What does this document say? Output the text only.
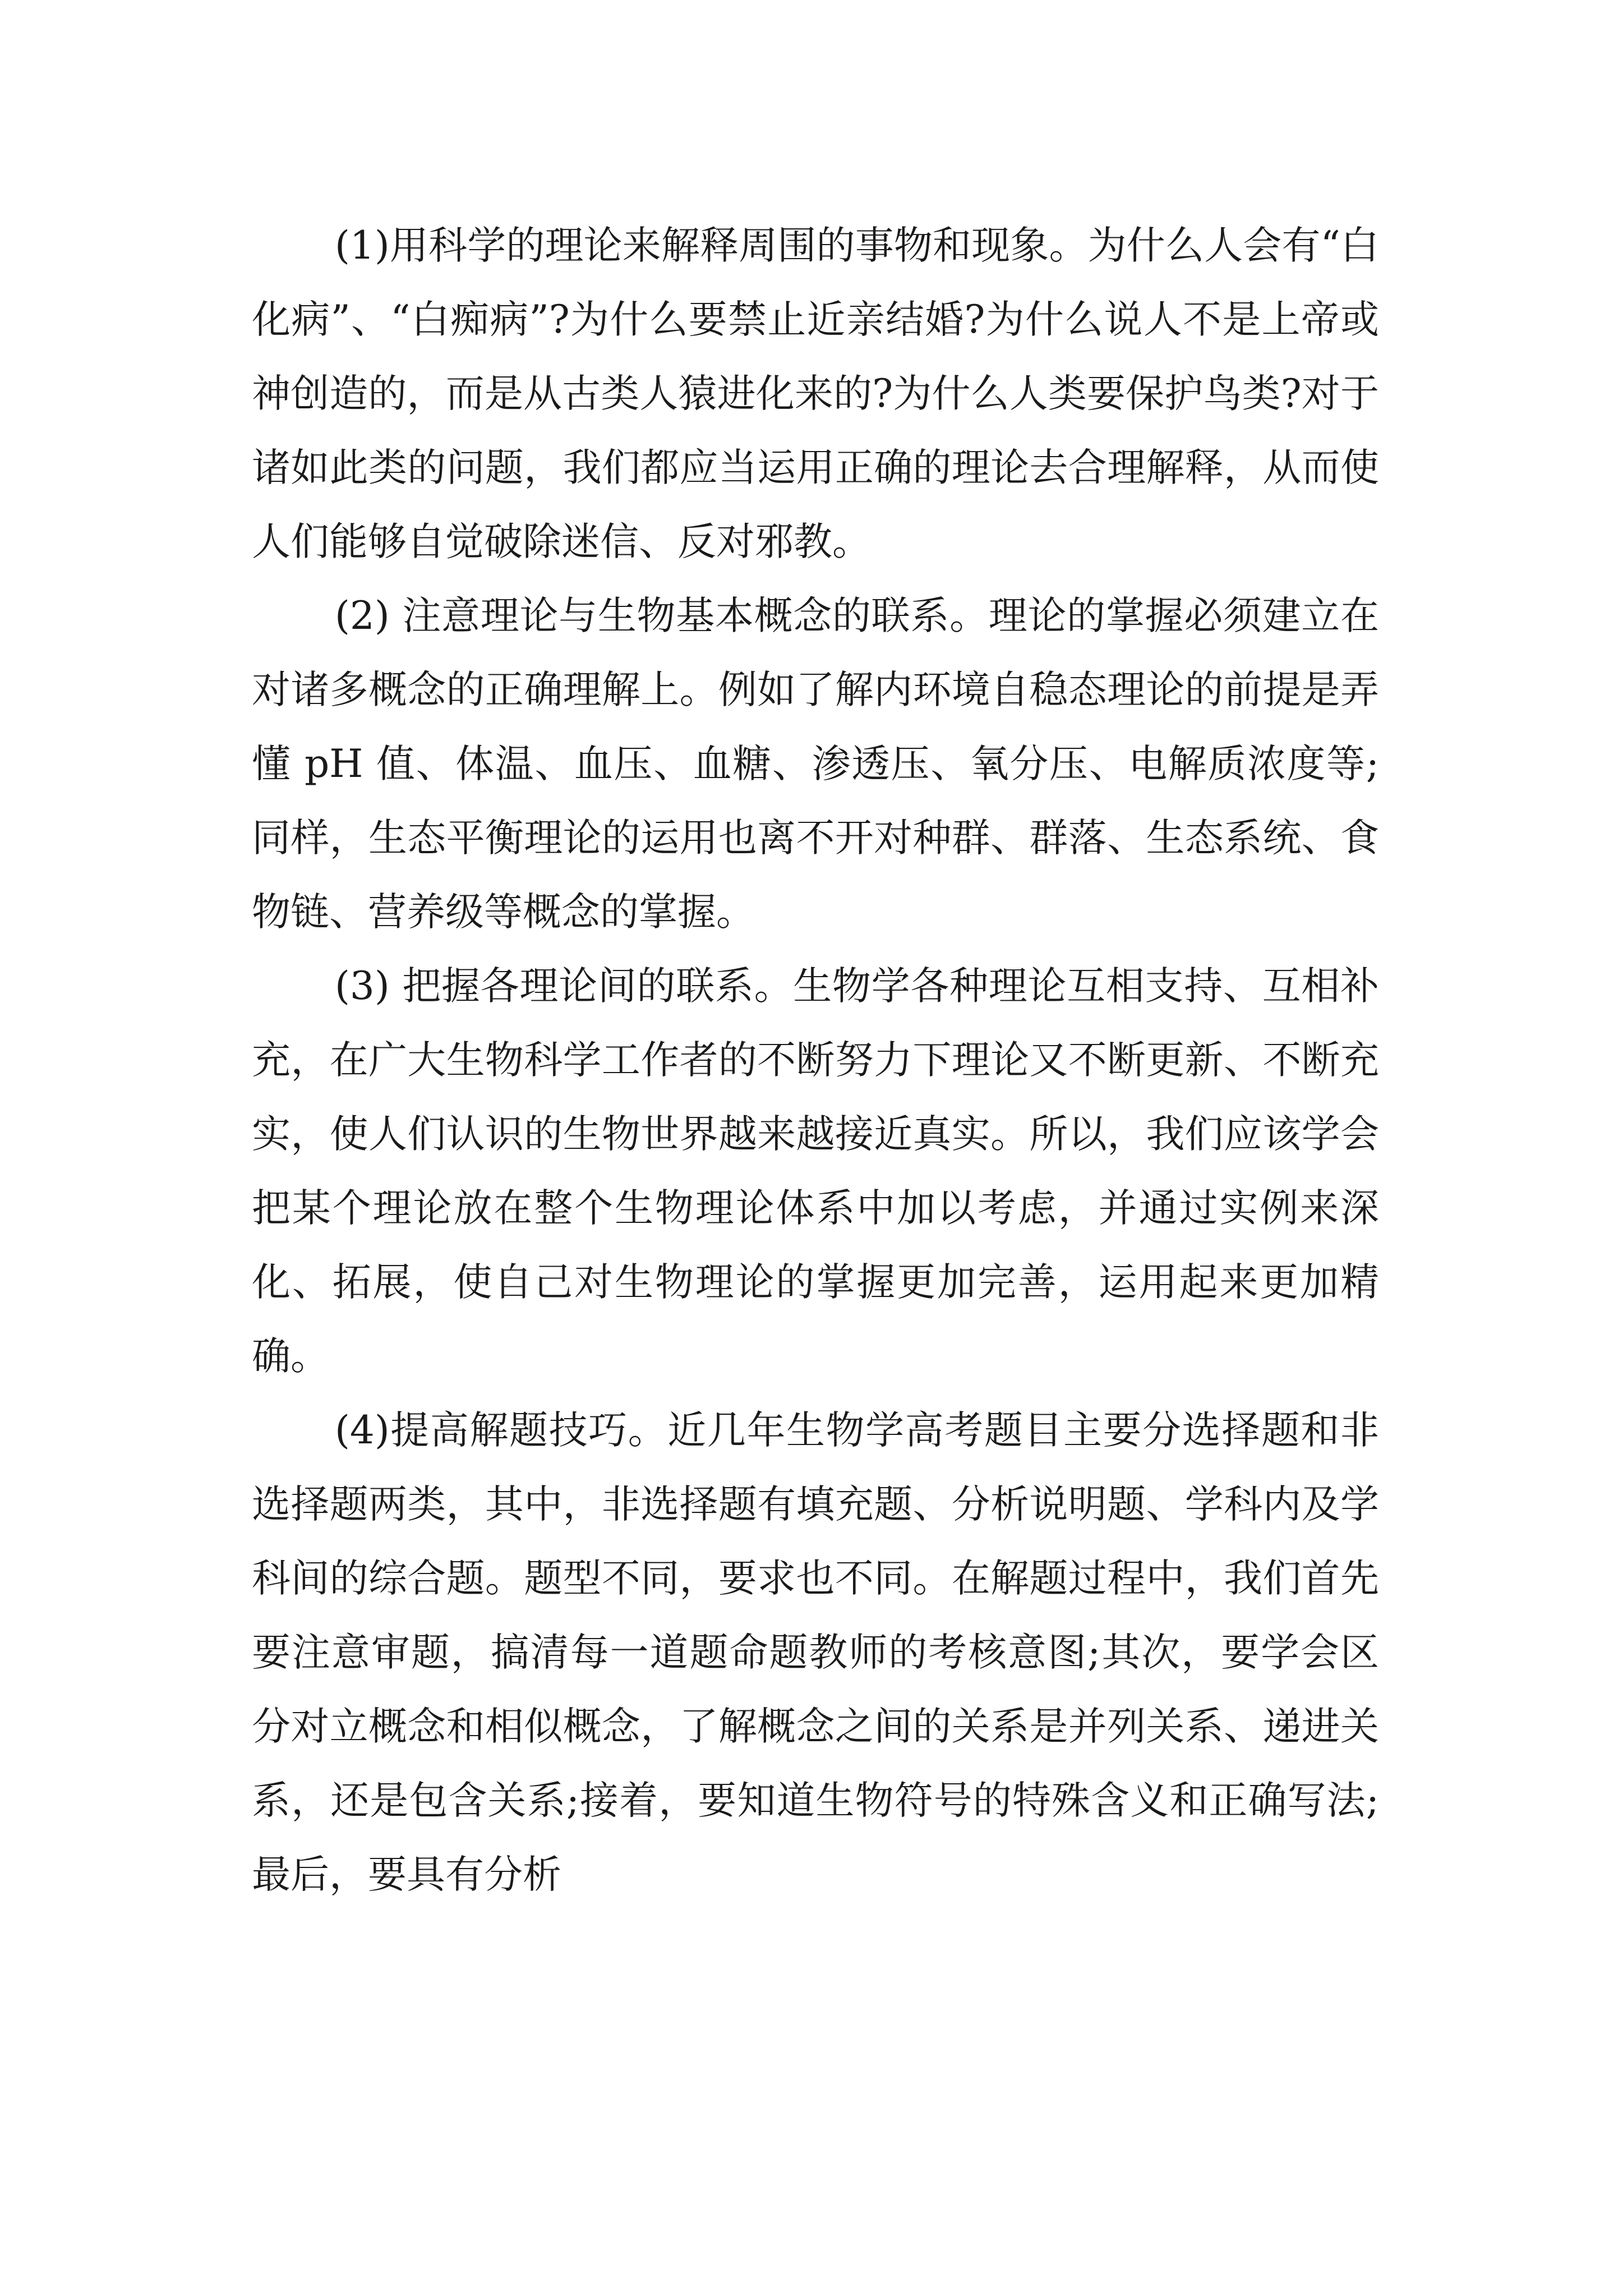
(1)用科学的理论来解释周围的事物和现象。为什么人会有“白化病”、“白痴病”?为什么要禁止近亲结婚?为什么说人不是上帝或神创造的，而是从古类人猿进化来的?为什么人类要保护鸟类?对于诸如此类的问题，我们都应当运用正确的理论去合理解释，从而使人们能够自觉破除迷信、反对邪教。

(2) 注意理论与生物基本概念的联系。理论的掌握必须建立在对诸多概念的正确理解上。例如了解内环境自稳态理论的前提是弄懂 pH 值、体温、血压、血糖、渗透压、氧分压、电解质浓度等;同样，生态平衡理论的运用也离不开对种群、群落、生态系统、食物链、营养级等概念的掌握。

(3) 把握各理论间的联系。生物学各种理论互相支持、互相补充，在广大生物科学工作者的不断努力下理论又不断更新、不断充实，使人们认识的生物世界越来越接近真实。所以，我们应该学会把某个理论放在整个生物理论体系中加以考虑，并通过实例来深化、拓展，使自己对生物理论的掌握更加完善，运用起来更加精确。

(4)提高解题技巧。近几年生物学高考题目主要分选择题和非选择题两类，其中，非选择题有填充题、分析说明题、学科内及学科间的综合题。题型不同，要求也不同。在解题过程中，我们首先要注意审题，搞清每一道题命题教师的考核意图;其次，要学会区分对立概念和相似概念，了解概念之间的关系是并列关系、递进关系，还是包含关系;接着，要知道生物符号的特殊含义和正确写法;最后，要具有分析
